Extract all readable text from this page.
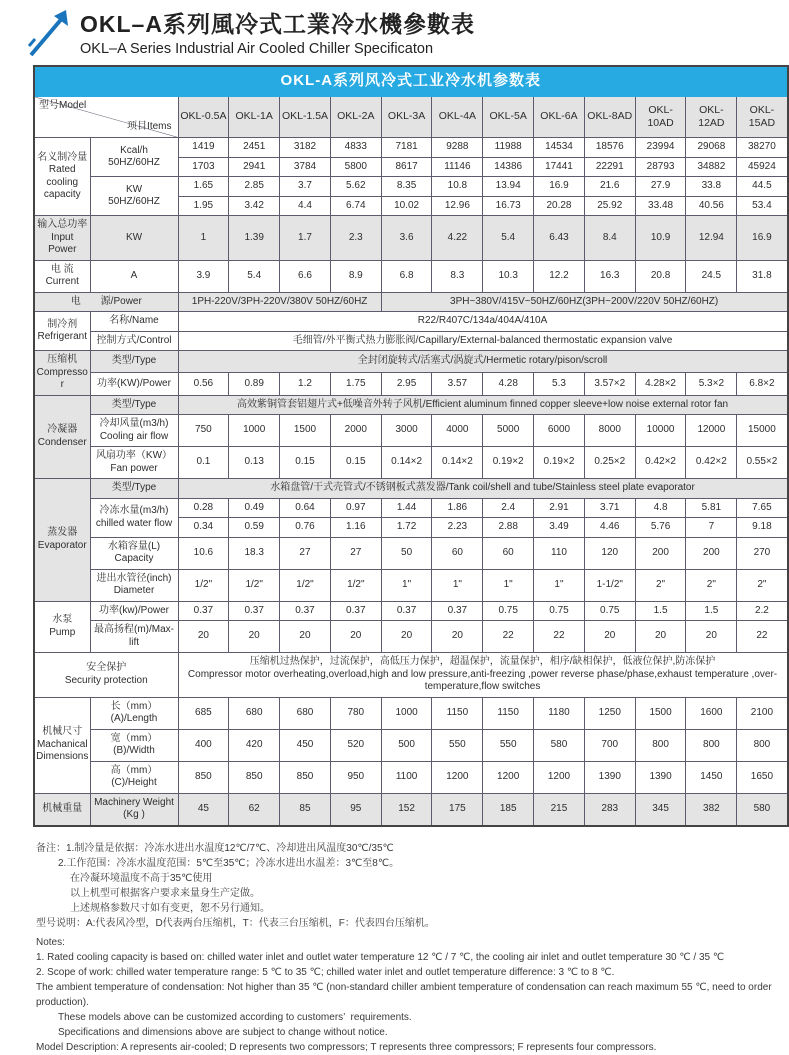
OKL–A系列風冷式工業冷水機參數表
OKL–A Series Industrial Air Cooled Chiller Specificaton
OKL-A系列风冷式工业冷水机参数表													

型号Model
项目Items		OKL-0.5A	OKL-1A	OKL-1.5A	OKL-2A	OKL-3A	OKL-4A	OKL-5A	OKL-6A	OKL-8AD	OKL-10AD	OKL-12AD	OKL-15AD
名义制冷量
Rated
cooling
capacity	Kcal/h
50HZ/60HZ	1419	2451	3182	4833	7181	9288	11988	14534	18576	23994	29068	38270
		1703	2941	3784	5800	8617	11146	14386	17441	22291	28793	34882	45924
	KW
50HZ/60HZ	1.65	2.85	3.7	5.62	8.35	10.8	13.94	16.9	21.6	27.9	33.8	44.5
		1.95	3.42	4.4	6.74	10.02	12.96	16.73	20.28	25.92	33.48	40.56	53.4
输入总功率
Input Power	KW	1	1.39	1.7	2.3	3.6	4.22	5.4	6.43	8.4	10.9	12.94	16.9
电 流
Current	A	3.9	5.4	6.6	8.9	6.8	8.3	10.3	12.2	16.3	20.8	24.5	31.8
电　　源/Power		1PH-220V/3PH-220V/380V 50HZ/60HZ				3PH~380V/415V~50HZ/60HZ(3PH~200V/220V 50HZ/60HZ)							
制冷剂
Refrigerant	名称/Name	R22/R407C/134a/404A/410A											
	控制方式/Control	毛细管/外平衡式热力膨胀阀/Capillary/External-balanced thermostatic expansion valve											
压缩机
Compressor	类型/Type	全封闭旋转式/活塞式/涡旋式/Hermetic rotary/pison/scroll											
	功率(KW)/Power	0.56	0.89	1.2	1.75	2.95	3.57	4.28	5.3	3.57×2	4.28×2	5.3×2	6.8×2
冷凝器
Condenser	类型/Type	高效紫铜管套铝翅片式+低噪音外转子风机/Efficient aluminum finned copper sleeve+low noise external rotor fan											
	冷却风量(m3/h)
Cooling air flow	750	1000	1500	2000	3000	4000	5000	6000	8000	10000	12000	15000
	风扇功率（KW）
Fan power	0.1	0.13	0.15	0.15	0.14×2	0.14×2	0.19×2	0.19×2	0.25×2	0.42×2	0.42×2	0.55×2
蒸发器
Evaporator	类型/Type	水箱盘管/干式壳管式/不锈钢板式蒸发器/Tank coil/shell and tube/Stainless steel plate evaporator											
	冷冻水量(m3/h)
chilled water flow	0.28	0.49	0.64	0.97	1.44	1.86	2.4	2.91	3.71	4.8	5.81	7.65
		0.34	0.59	0.76	1.16	1.72	2.23	2.88	3.49	4.46	5.76	7	9.18
	水箱容量(L)
Capacity	10.6	18.3	27	27	50	60	60	110	120	200	200	270
	进出水管径(inch)
Diameter	1/2"	1/2"	1/2"	1/2"	1"	1"	1"	1"	1-1/2"	2"	2"	2"
水泵
Pump	功率(kw)/Power	0.37	0.37	0.37	0.37	0.37	0.37	0.75	0.75	0.75	1.5	1.5	2.2
	最高扬程(m)/Max-lift	20	20	20	20	20	20	22	22	20	20	20	22
安全保护
Security protection		压缩机过热保护，过流保护，高低压力保护，超温保护，流量保护，相序/缺相保护，低液位保护,防冻保护
Compressor motor overheating,overload,high and low pressure,anti-freezing ,power reverse phase/phase,exhaust temperature ,over-
temperature,flow switches											
机械尺寸
Machanical
Dimensions	长（mm）(A)/Length	685	680	680	780	1000	1150	1150	1180	1250	1500	1600	2100
	宽（mm）(B)/Width	400	420	450	520	500	550	550	580	700	800	800	800
	高（mm）(C)/Height	850	850	850	950	1100	1200	1200	1200	1390	1390	1450	1650
机械重量	Machinery Weight
(Kg )	45	62	85	95	152	175	185	215	283	345	382	580
备注：1.制冷量是依据：冷冻水进出水温度12℃/7℃、冷却进出风温度30℃/35℃
2.工作范围：冷冻水温度范围：5℃至35℃；冷冻水进出水温差：3℃至8℃。
在冷凝环境温度不高于35℃使用
以上机型可根据客户要求来量身生产定做。
上述规格参数尺寸如有变更，恕不另行通知。
型号说明：A:代表风冷型，D代表两台压缩机，T：代表三台压缩机，F：代表四台压缩机。
Notes:
1. Rated cooling capacity is based on: chilled water inlet and outlet water temperature 12 ℃ / 7 ℃, the cooling air inlet and outlet temperature 30 ℃ / 35 ℃
2. Scope of work: chilled water temperature range: 5 ℃ to 35 ℃; chilled water inlet and outlet temperature difference: 3 ℃ to 8 ℃.
The ambient temperature of condensation: Not higher than 35 ℃ (non-standard chiller ambient temperature of condensation can reach maximum 55 ℃, need to order production).
These models above can be customized according to customers’  requirements.
Specifications and dimensions above are subject to change without notice.
Model Description: A represents air-cooled; D represents two compressors; T represents three compressors; F represents four compressors.
